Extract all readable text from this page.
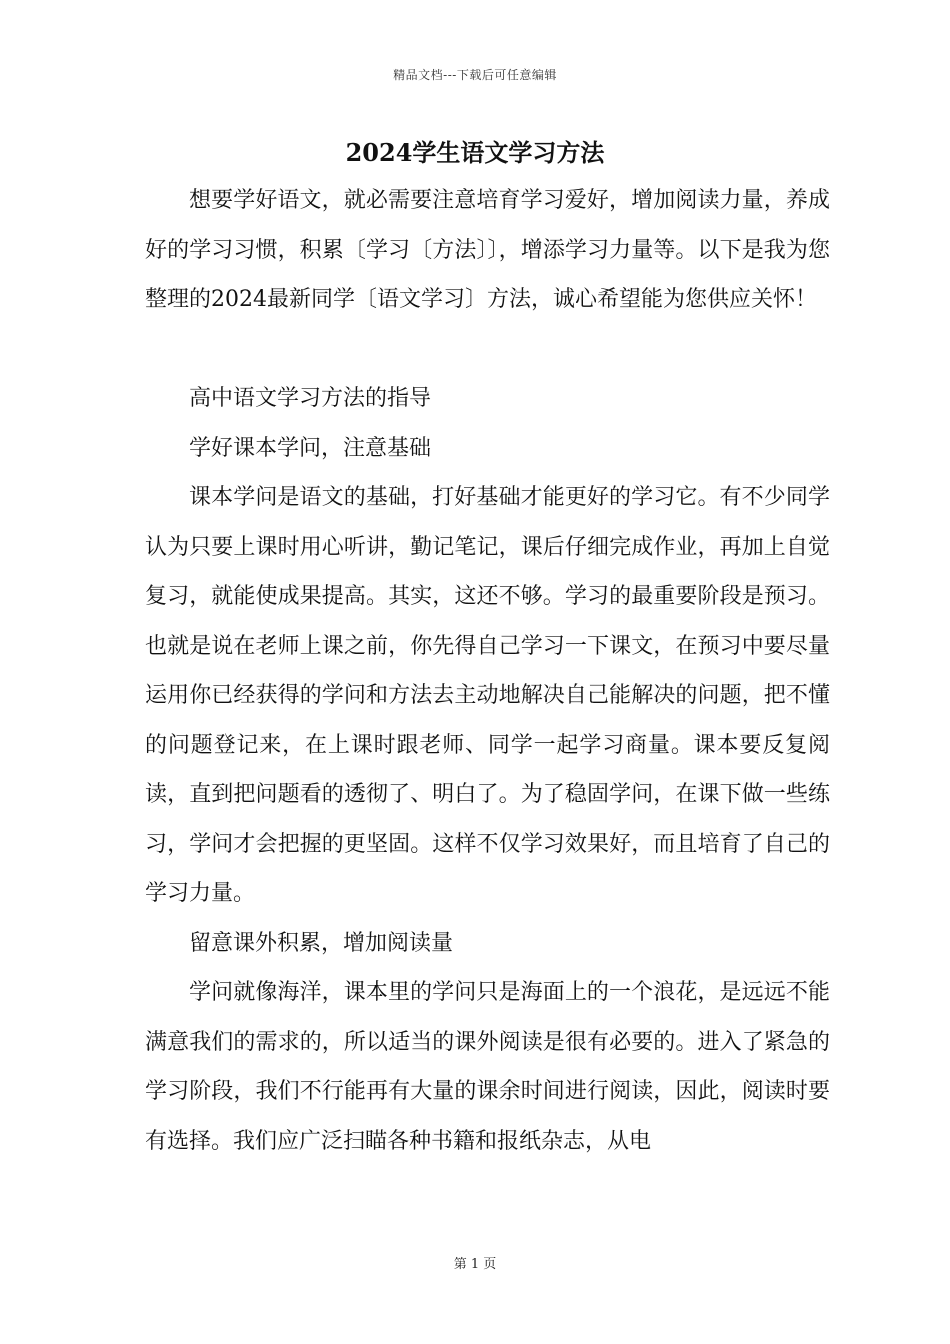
精品文档---下载后可任意编辑
2024学生语文学习方法

想要学好语文，就必需要注意培育学习爱好，增加阅读力量，养成好的学习习惯，积累〔学习〔方法〕〕，增添学习力量等。以下是我为您整理的2024最新同学〔语文学习〕方法，诚心希望能为您供应关怀！

高中语文学习方法的指导

学好课本学问，注意基础

课本学问是语文的基础，打好基础才能更好的学习它。有不少同学认为只要上课时用心听讲，勤记笔记，课后仔细完成作业，再加上自觉复习，就能使成果提高。其实，这还不够。学习的最重要阶段是预习。也就是说在老师上课之前，你先得自己学习一下课文，在预习中要尽量运用你已经获得的学问和方法去主动地解决自己能解决的问题，把不懂的问题登记来，在上课时跟老师、同学一起学习商量。课本要反复阅读，直到把问题看的透彻了、明白了。为了稳固学问，在课下做一些练习，学问才会把握的更坚固。这样不仅学习效果好，而且培育了自己的学习力量。

留意课外积累，增加阅读量

学问就像海洋，课本里的学问只是海面上的一个浪花，是远远不能满意我们的需求的，所以适当的课外阅读是很有必要的。进入了紧急的学习阶段，我们不行能再有大量的课余时间进行阅读，因此，阅读时要有选择。我们应广泛扫瞄各种书籍和报纸杂志，从电

第 1 页
